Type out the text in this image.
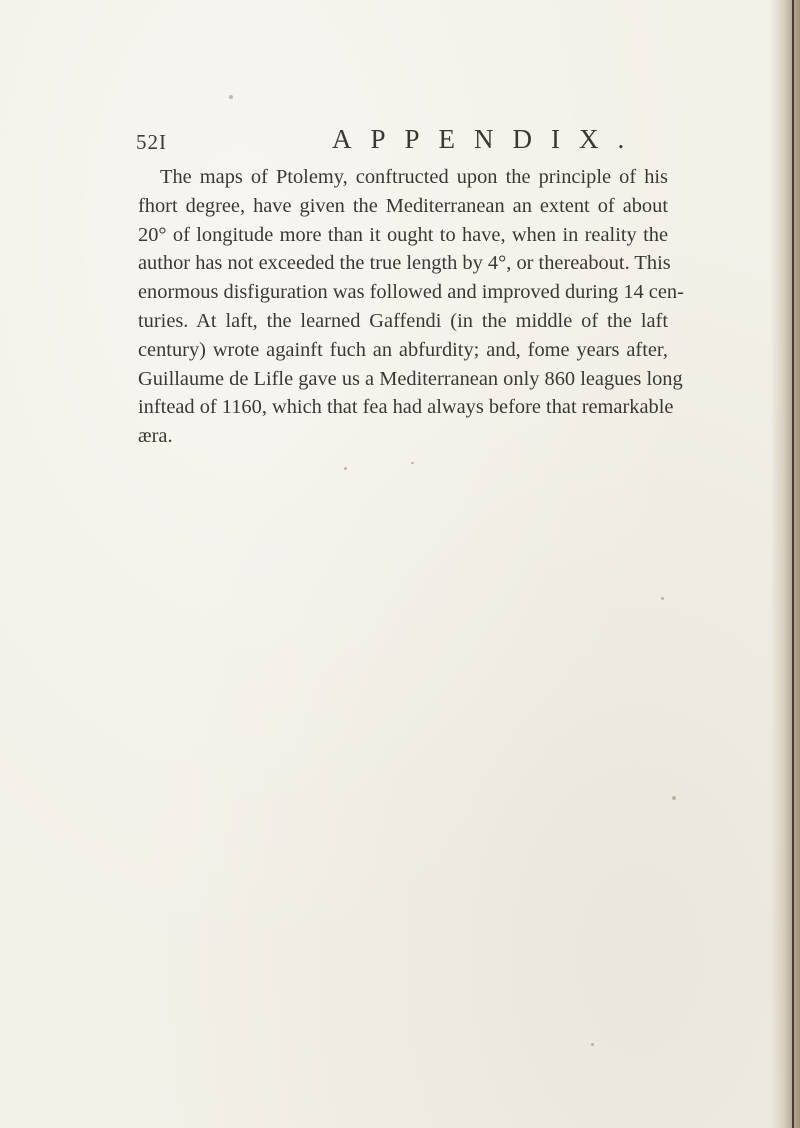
52I	APPENDIX.
The maps of Ptolemy, conftructed upon the principle of his
fhort degree, have given the Mediterranean an extent of about
20° of longitude more than it ought to have, when in reality the
author has not exceeded the true length by 4°, or thereabout. This
enormous disfiguration was followed and improved during 14 cen-
turies. At laft, the learned Gaffendi (in the middle of the laft
century) wrote againft fuch an abfurdity; and, fome years after,
Guillaume de Lifle gave us a Mediterranean only 860 leagues long
inftead of 1160, which that fea had always before that remarkable
æra.
